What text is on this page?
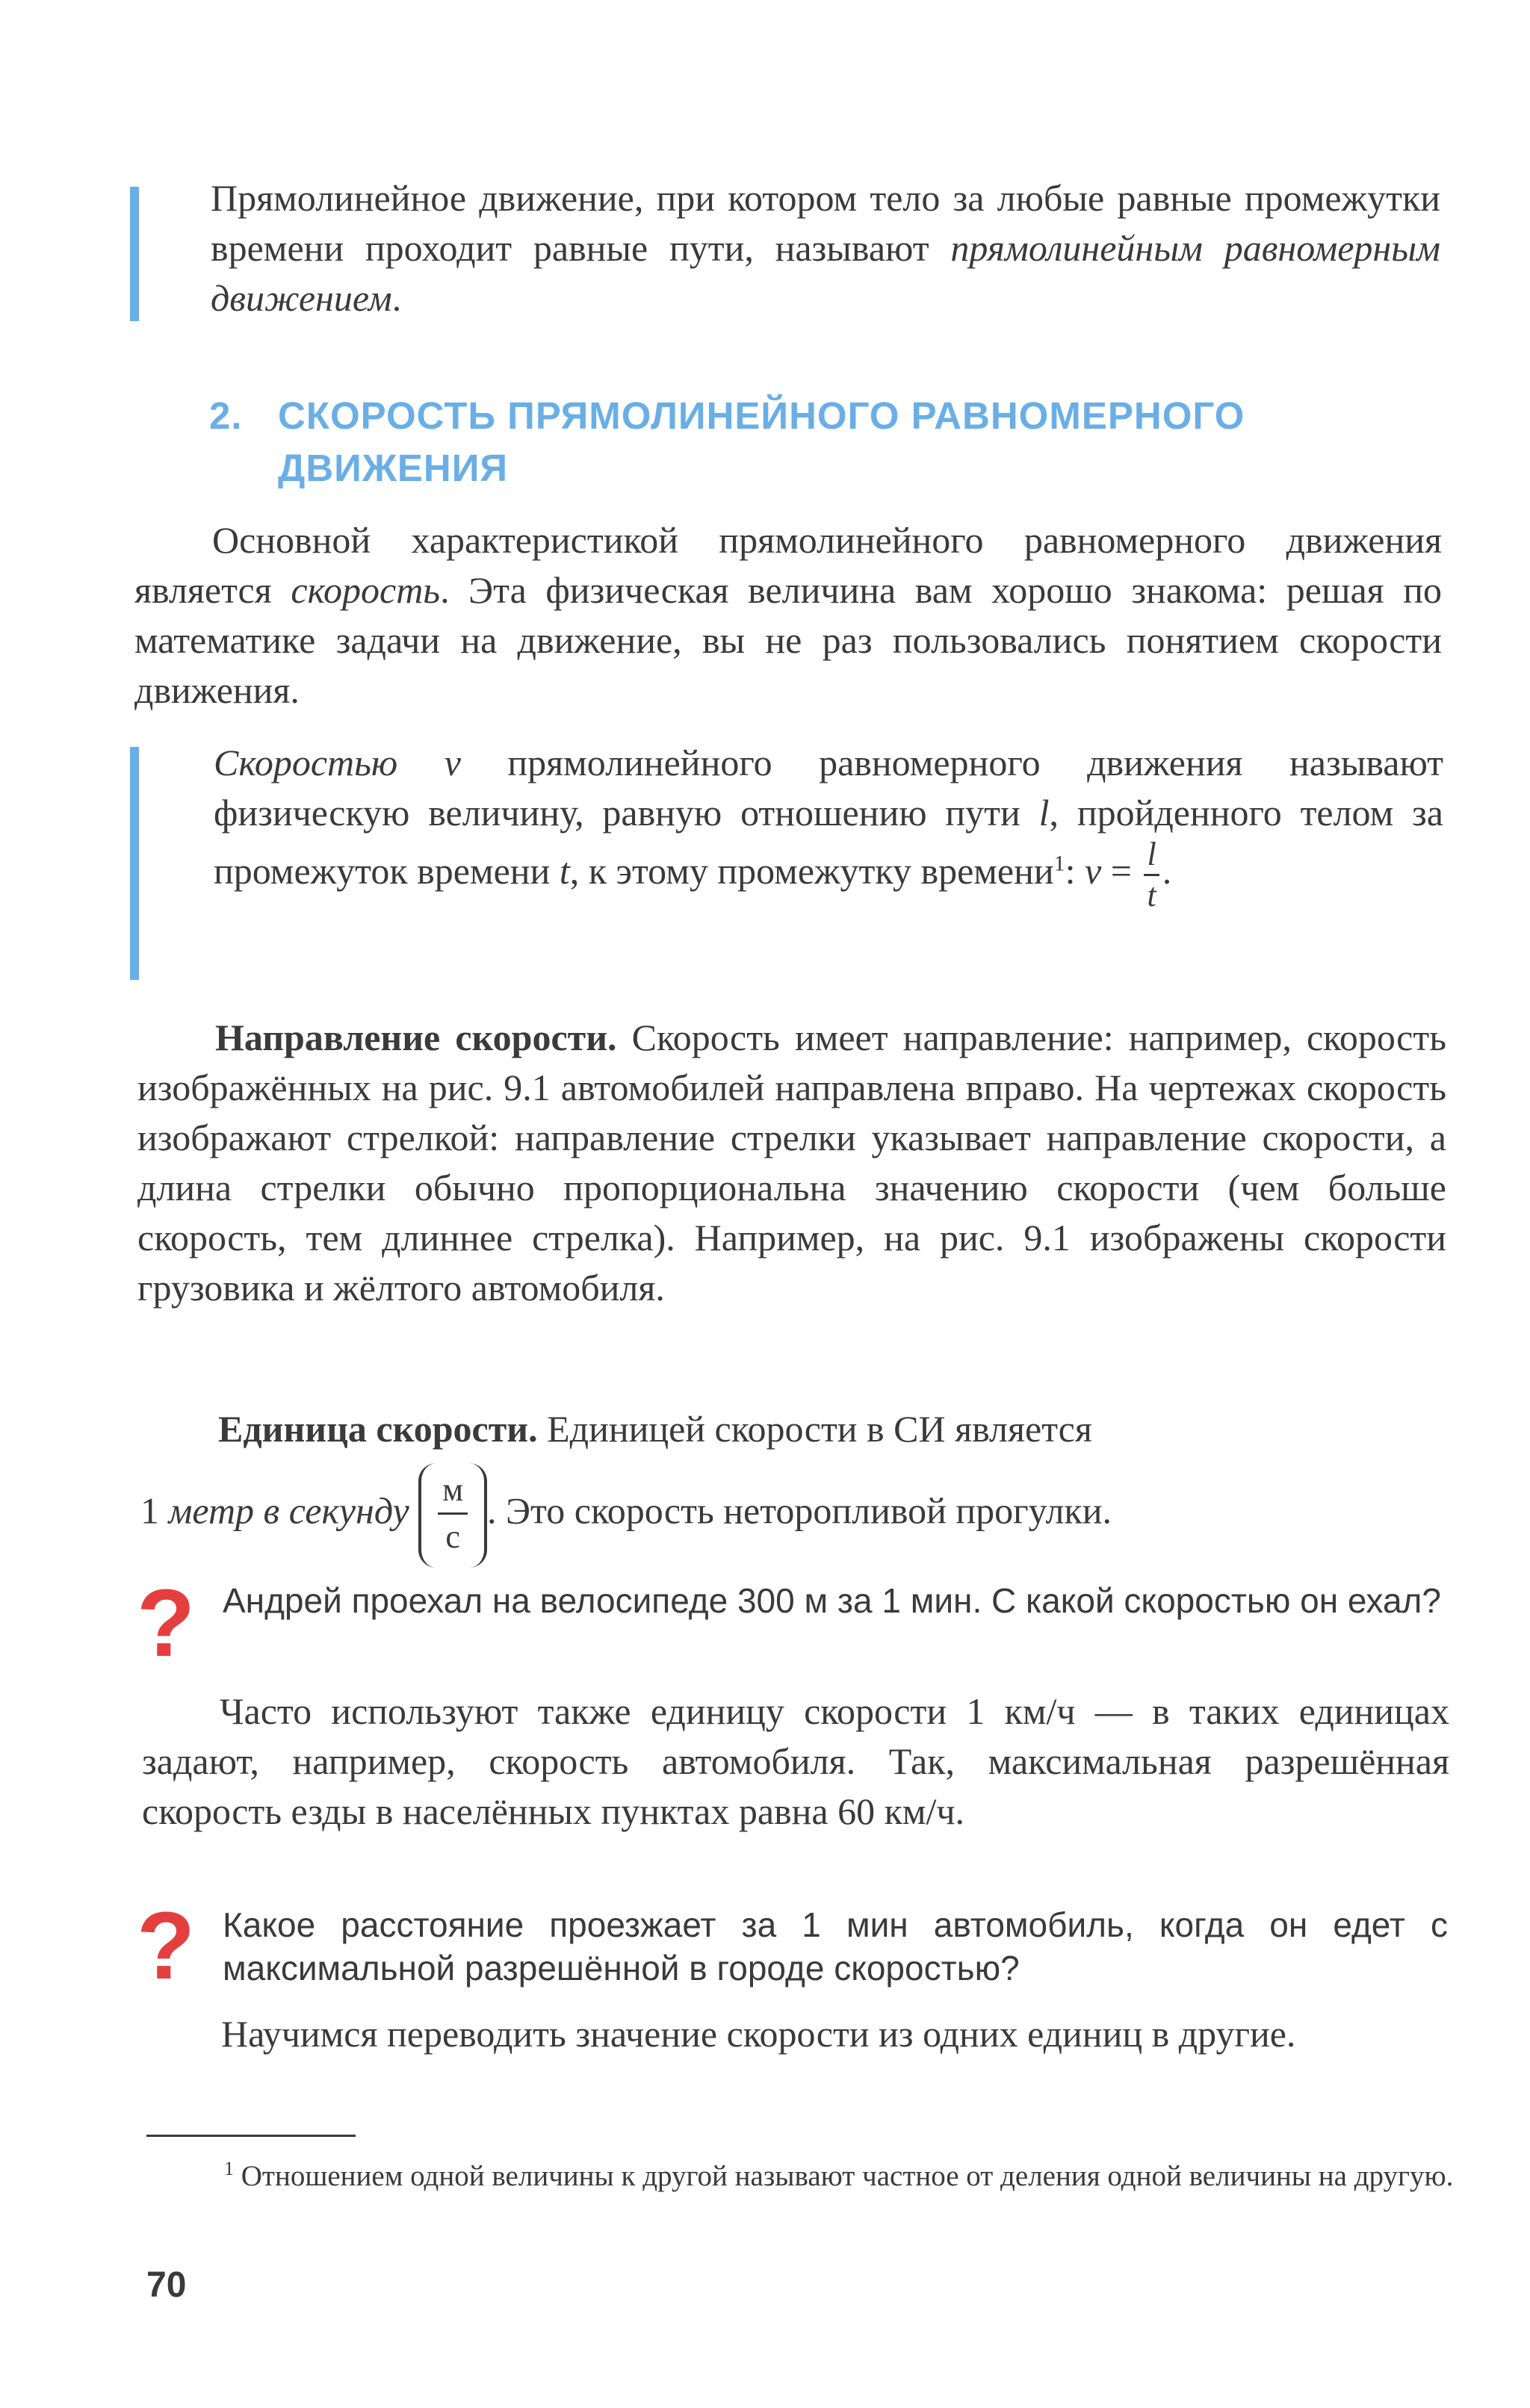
Прямолинейное движение, при котором тело за любые равные промежутки времени проходит равные пути, называют прямолинейным равномерным движением.

2. СКОРОСТЬ ПРЯМОЛИНЕЙНОГО РАВНОМЕРНОГО
ДВИЖЕНИЯ

Основной характеристикой прямолинейного равномерного движения является скорость. Эта физическая величина вам хорошо знакома: решая по математике задачи на движение, вы не раз пользовались понятием скорости движения.

Скоростью v прямолинейного равномерного движения называют физическую величину, равную отношению пути l, пройденного телом за промежуток времени t, к этому промежутку времени$^1$: $v = \frac{l}{t}$ .

Направление скорости. Скорость имеет направление: например, скорость изображённых на рис. 9.1 автомобилей направлена вправо. На чертежах скорость изображают стрелкой: направление стрелки указывает направление скорости, а длина стрелки обычно пропорциональна значению скорости (чем больше скорость, тем длиннее стрелка). Например, на рис. 9.1 изображены скорости грузовика и жёлтого автомобиля.

Единица скорости. Единицей скорости в СИ является

1 метр в секунду м
с
. Это скорость неторопливой прогулки.

? Андрей проехал на велосипеде 300 м за 1 мин. С какой скоростью он ехал?

Часто используют также единицу скорости 1 км/ч — в таких единицах задают, например, скорость автомобиля. Так, максимальная разрешённая скорость езды в населённых пунктах равна 60 км/ч.

? Какое расстояние проезжает за 1 мин автомобиль, когда он едет с максимальной разрешённой в городе скоростью?

Научимся переводить значение скорости из одних единиц в другие.

$^1$ Отношением одной величины к другой называют частное от деления одной величины на другую.
70
